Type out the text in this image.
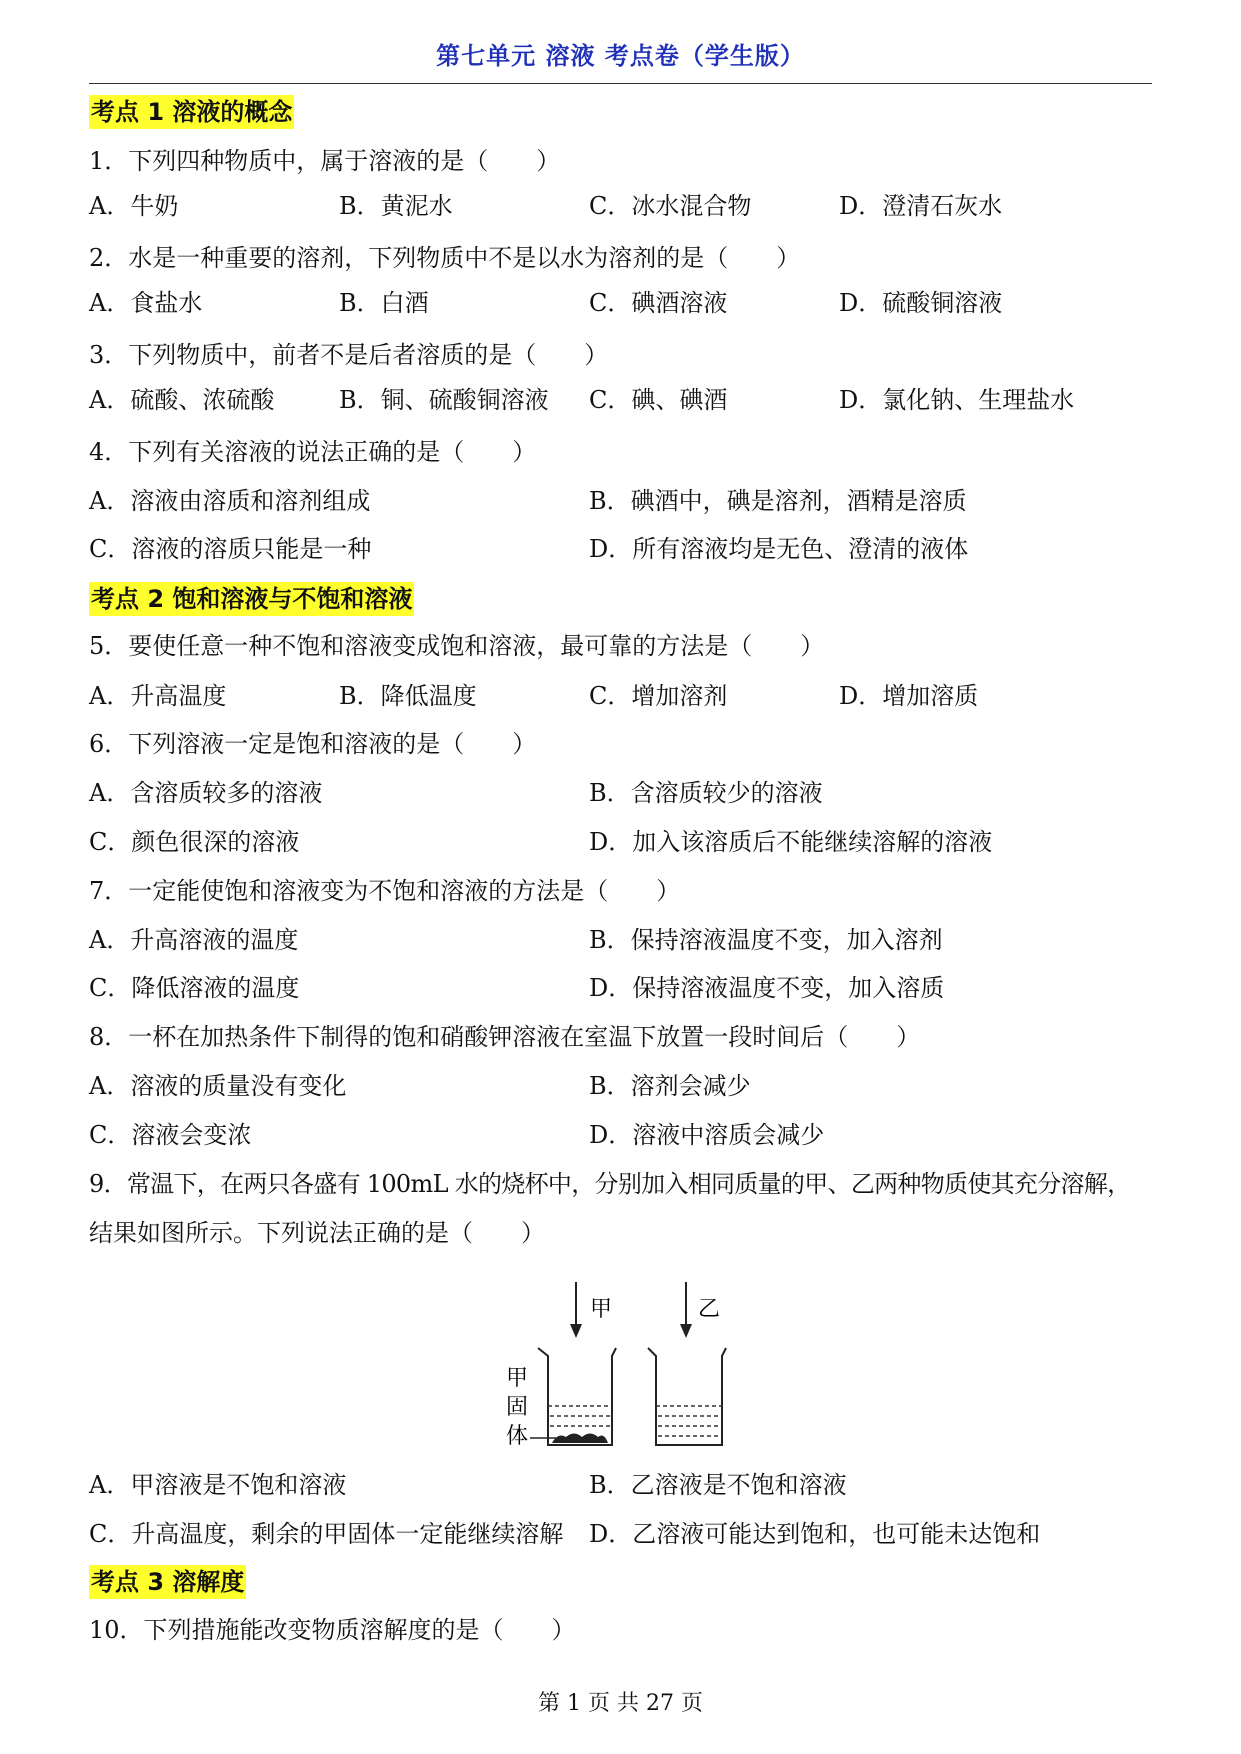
第七单元 溶液 考点卷（学生版）
考点 1 溶液的概念
1．下列四种物质中，属于溶液的是（　　）
A．牛奶	B．黄泥水	C．冰水混合物	D．澄清石灰水
2．水是一种重要的溶剂，下列物质中不是以水为溶剂的是（　　）
A．食盐水	B．白酒	C．碘酒溶液	D．硫酸铜溶液
3．下列物质中，前者不是后者溶质的是（　　）
A．硫酸、浓硫酸	B．铜、硫酸铜溶液 C．碘、碘酒	D．氯化钠、生理盐水
4．下列有关溶液的说法正确的是（　　）
A．溶液由溶质和溶剂组成	B．碘酒中，碘是溶剂，酒精是溶质
C．溶液的溶质只能是一种	D．所有溶液均是无色、澄清的液体
考点 2 饱和溶液与不饱和溶液
5．要使任意一种不饱和溶液变成饱和溶液，最可靠的方法是（　　）
A．升高温度	B．降低温度	C．增加溶剂	D．增加溶质
6．下列溶液一定是饱和溶液的是（　　）
A．含溶质较多的溶液	B．含溶质较少的溶液
C．颜色很深的溶液	D．加入该溶质后不能继续溶解的溶液
7．一定能使饱和溶液变为不饱和溶液的方法是（　　）
A．升高溶液的温度	B．保持溶液温度不变，加入溶剂
C．降低溶液的温度	D．保持溶液温度不变，加入溶质
8．一杯在加热条件下制得的饱和硝酸钾溶液在室温下放置一段时间后（　　）
A．溶液的质量没有变化	B．溶剂会减少
C．溶液会变浓	D．溶液中溶质会减少
9．常温下，在两只各盛有 100mL 水的烧杯中，分别加入相同质量的甲、乙两种物质使其充分溶解，
结果如图所示。下列说法正确的是（　　）
甲	乙
甲
固
体
A．甲溶液是不饱和溶液	B．乙溶液是不饱和溶液
C．升高温度，剩余的甲固体一定能继续溶解 D．乙溶液可能达到饱和，也可能未达饱和
考点 3 溶解度
10．下列措施能改变物质溶解度的是（　　）
第 1 页 共 27 页
